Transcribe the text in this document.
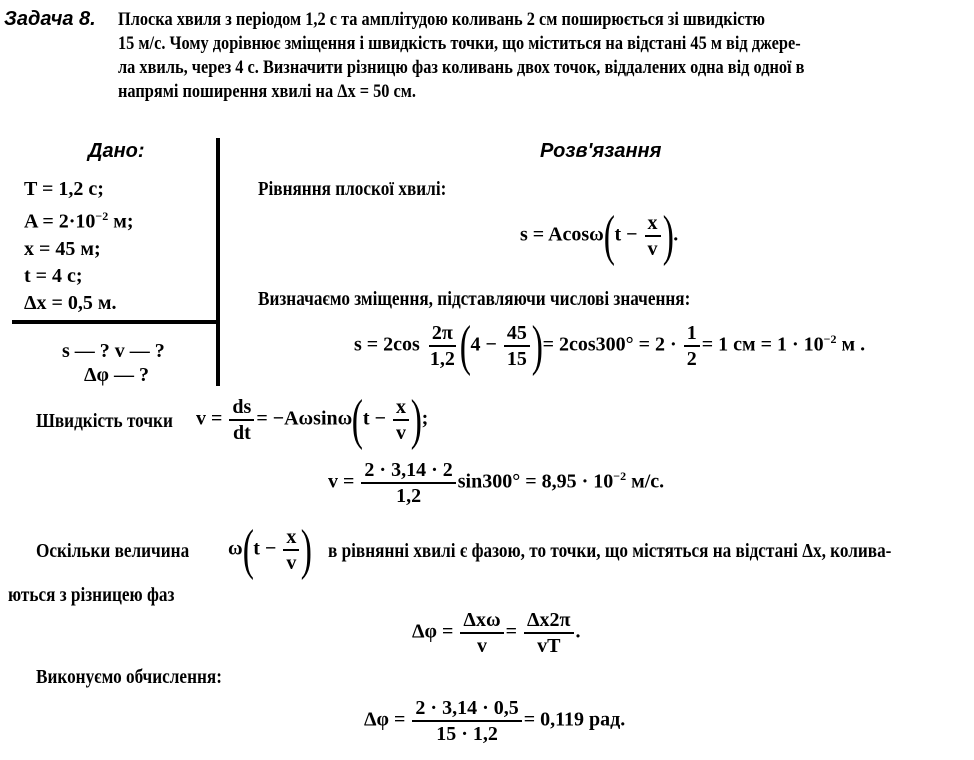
Задача 8. Плоска хвиля з періодом 1,2 с та амплітудою коливань 2 см поширюється зі швидкістю
15 м/с. Чому дорівнює зміщення і швидкість точки, що міститься на відстані 45 м від джере-
ла хвиль, через 4 с. Визначити різницю фаз коливань двох точок, віддалених одна від одної в
напрямі поширення хвилі на Δx = 50 см.
Дано:
T = 1,2 с;
$A = 2\cdot 10^{-2}$ м;
x = 45 м;
t = 4 с;
Δx = 0,5 м.
s — ? v — ?
Δφ — ?
Розв'язання
Рівняння плоскої хвилі:
$s = Acos\omega(t - \frac{x}{v}$ ).
Визначаємо зміщення, підставляючи числові значення:
$s = 2\cos \frac{2\pi}{1,2} (4 - \frac{45}{15}$ )= $2\cos 300^\circ = 2 \cdot \frac{1}{2} = 1$ см = $1 \cdot 10^{-2}$ м .
Швидкість точки $v = \frac{ds}{dt} = -A\omega\sin\omega(t - \frac{x}{v}$ );
$v = \frac{2 \cdot 3,14 \cdot 2}{1,2} \sin 300^\circ = 8,95 \cdot 10^{-2}$ м/с.
Оскільки величина $\omega(t - \frac{x}{v}$ ) в рівнянні хвилі є фазою, то точки, що містяться на відстані Δx, колива-
ються з різницею фаз
$\Delta\varphi = \frac{\text{Δxω}}{v} = \frac{\Delta x2\pi}{vT}$ .
Виконуємо обчислення:
$\Delta\varphi = \frac{2 \cdot 3,14 \cdot 0,5}{15 \cdot 1,2} = 0,119$ рад.
